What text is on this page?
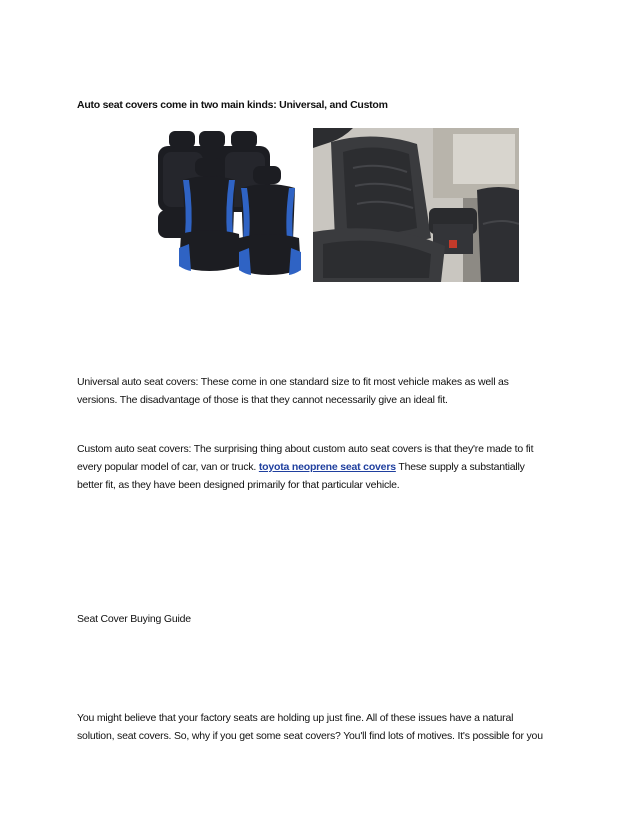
Auto seat covers come in two main kinds: Universal, and Custom
Universal auto seat covers: These come in one standard size to fit most vehicle makes as well as
versions. The disadvantage of those is that they cannot necessarily give an ideal fit.
Custom auto seat covers: The surprising thing about custom auto seat covers is that they're made to fit
every popular model of car, van or truck. toyota neoprene seat covers These supply a substantially
better fit, as they have been designed primarily for that particular vehicle.
Seat Cover Buying Guide
You might believe that your factory seats are holding up just fine. All of these issues have a natural
solution, seat covers. So, why if you get some seat covers? You'll find lots of motives. It's possible for you
